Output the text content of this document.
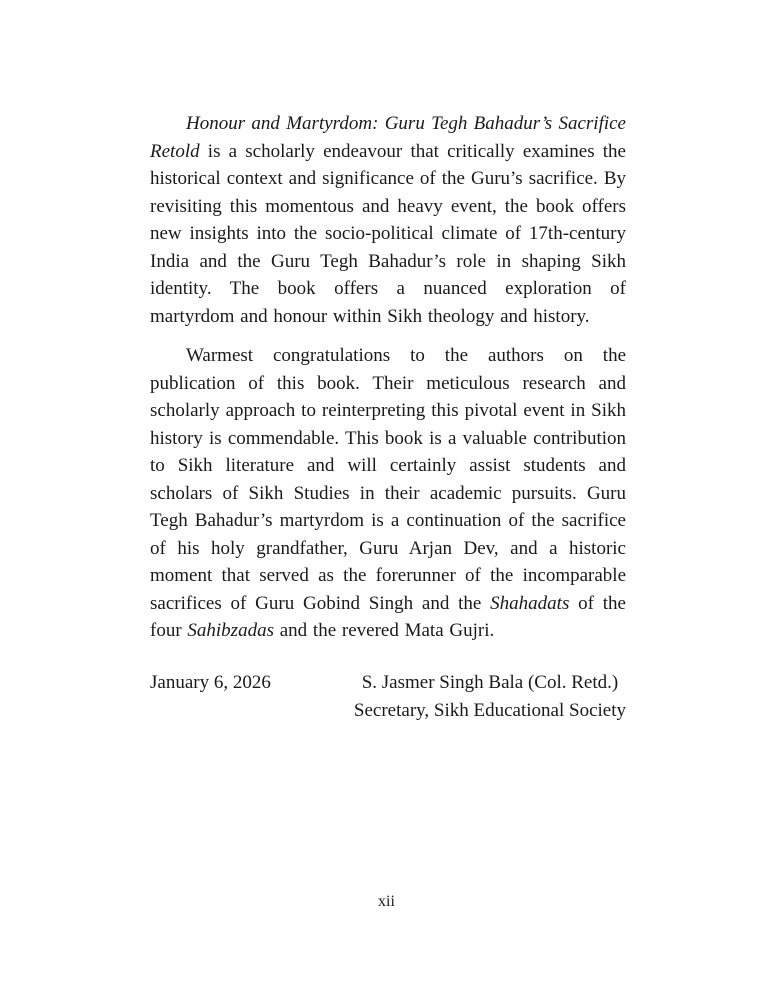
Honour and Martyrdom: Guru Tegh Bahadur’s Sacrifice Retold is a scholarly endeavour that critically examines the historical context and significance of the Guru’s sacrifice. By revisiting this momentous and heavy event, the book offers new insights into the socio-political climate of 17th-century India and the Guru Tegh Bahadur’s role in shaping Sikh identity. The book offers a nuanced exploration of martyrdom and honour within Sikh theology and history.

Warmest congratulations to the authors on the publication of this book. Their meticulous research and scholarly approach to reinterpreting this pivotal event in Sikh history is commendable. This book is a valuable contribution to Sikh literature and will certainly assist students and scholars of Sikh Studies in their academic pursuits. Guru Tegh Bahadur’s martyrdom is a continuation of the sacrifice of his holy grandfather, Guru Arjan Dev, and a historic moment that served as the forerunner of the incomparable sacrifices of Guru Gobind Singh and the Shahadats of the four Sahibzadas and the revered Mata Gujri.

January 6, 2026	S. Jasmer Singh Bala (Col. Retd.)
Secretary, Sikh Educational Society
xii
